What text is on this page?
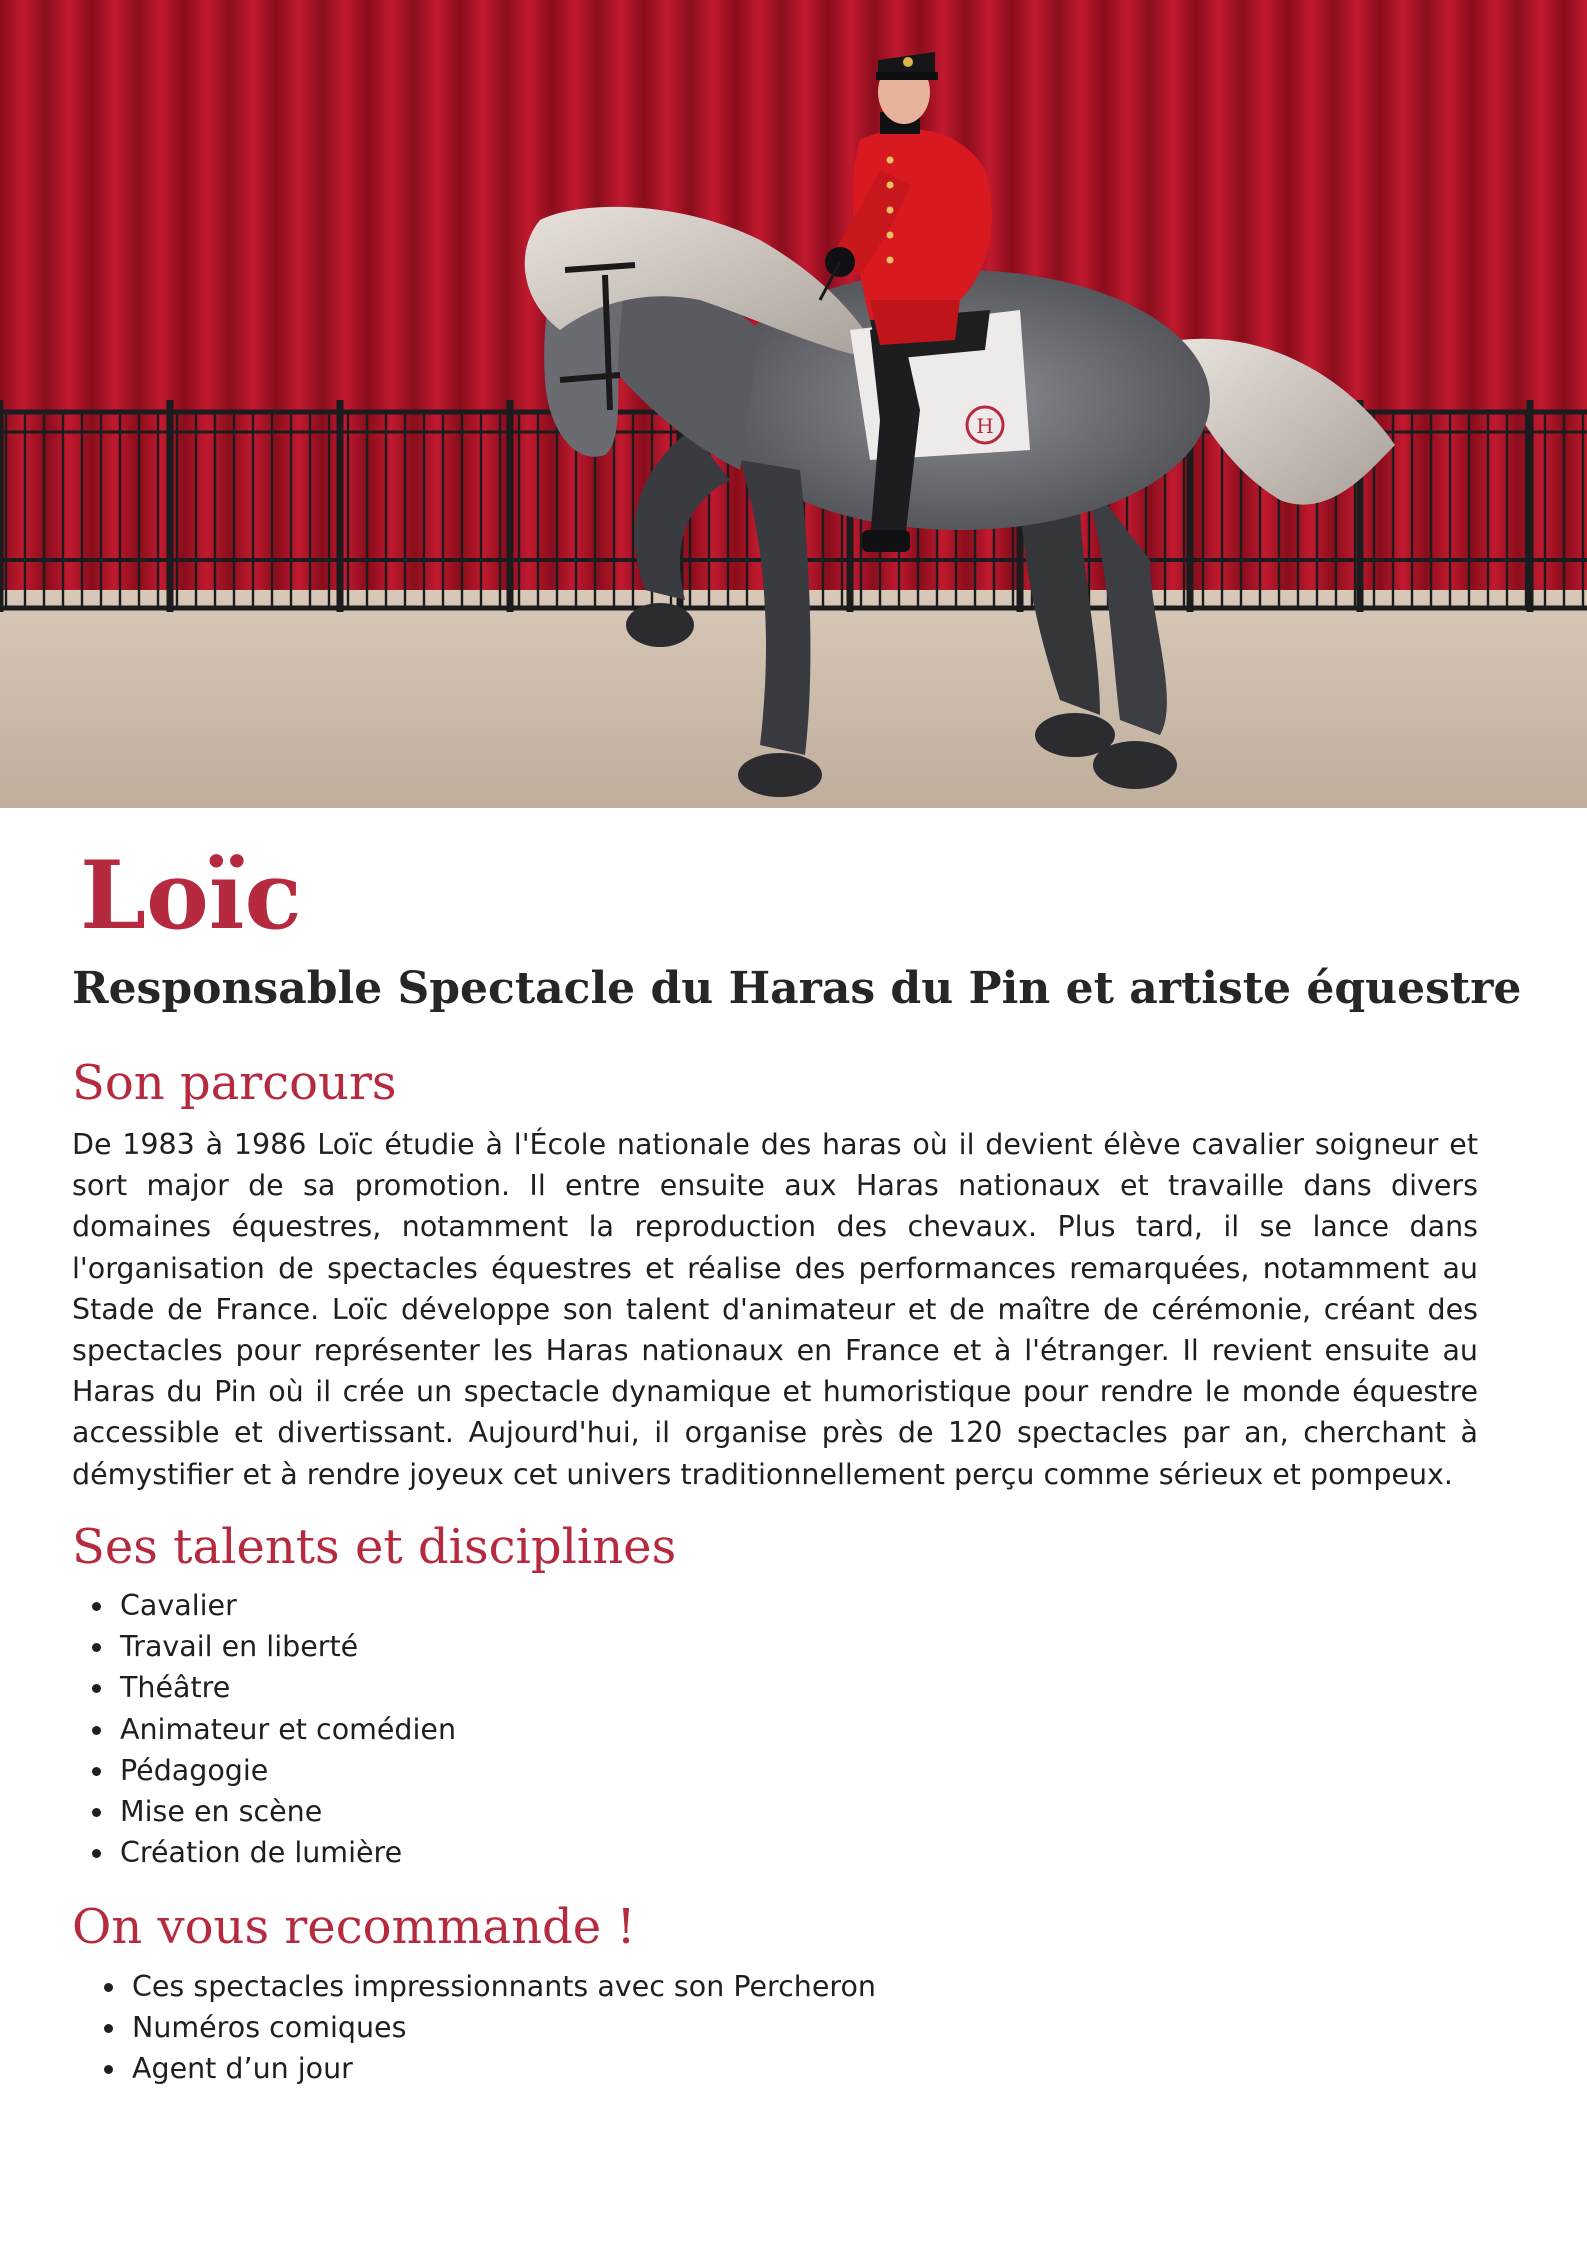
H
Loïc
Responsable Spectacle du Haras du Pin et artiste équestre
Son parcours

De 1983 à 1986 Loïc étudie à l'École nationale des haras où il devient élève cavalier soigneur et sort major de sa promotion. Il entre ensuite aux Haras nationaux et travaille dans divers domaines équestres, notamment la reproduction des chevaux. Plus tard, il se lance dans l'organisation de spectacles équestres et réalise des performances remarquées, notamment au Stade de France. Loïc développe son talent d'animateur et de maître de cérémonie, créant des spectacles pour représenter les Haras nationaux en France et à l'étranger. Il revient ensuite au Haras du Pin où il crée un spectacle dynamique et humoristique pour rendre le monde équestre accessible et divertissant. Aujourd'hui, il organise près de 120 spectacles par an, cherchant à démystifier et à rendre joyeux cet univers traditionnellement perçu comme sérieux et pompeux.

Ses talents et disciplines
Cavalier
Travail en liberté
Théâtre
Animateur et comédien
Pédagogie
Mise en scène
Création de lumière
On vous recommande !
Ces spectacles impressionnants avec son Percheron
Numéros comiques
Agent d’un jour
